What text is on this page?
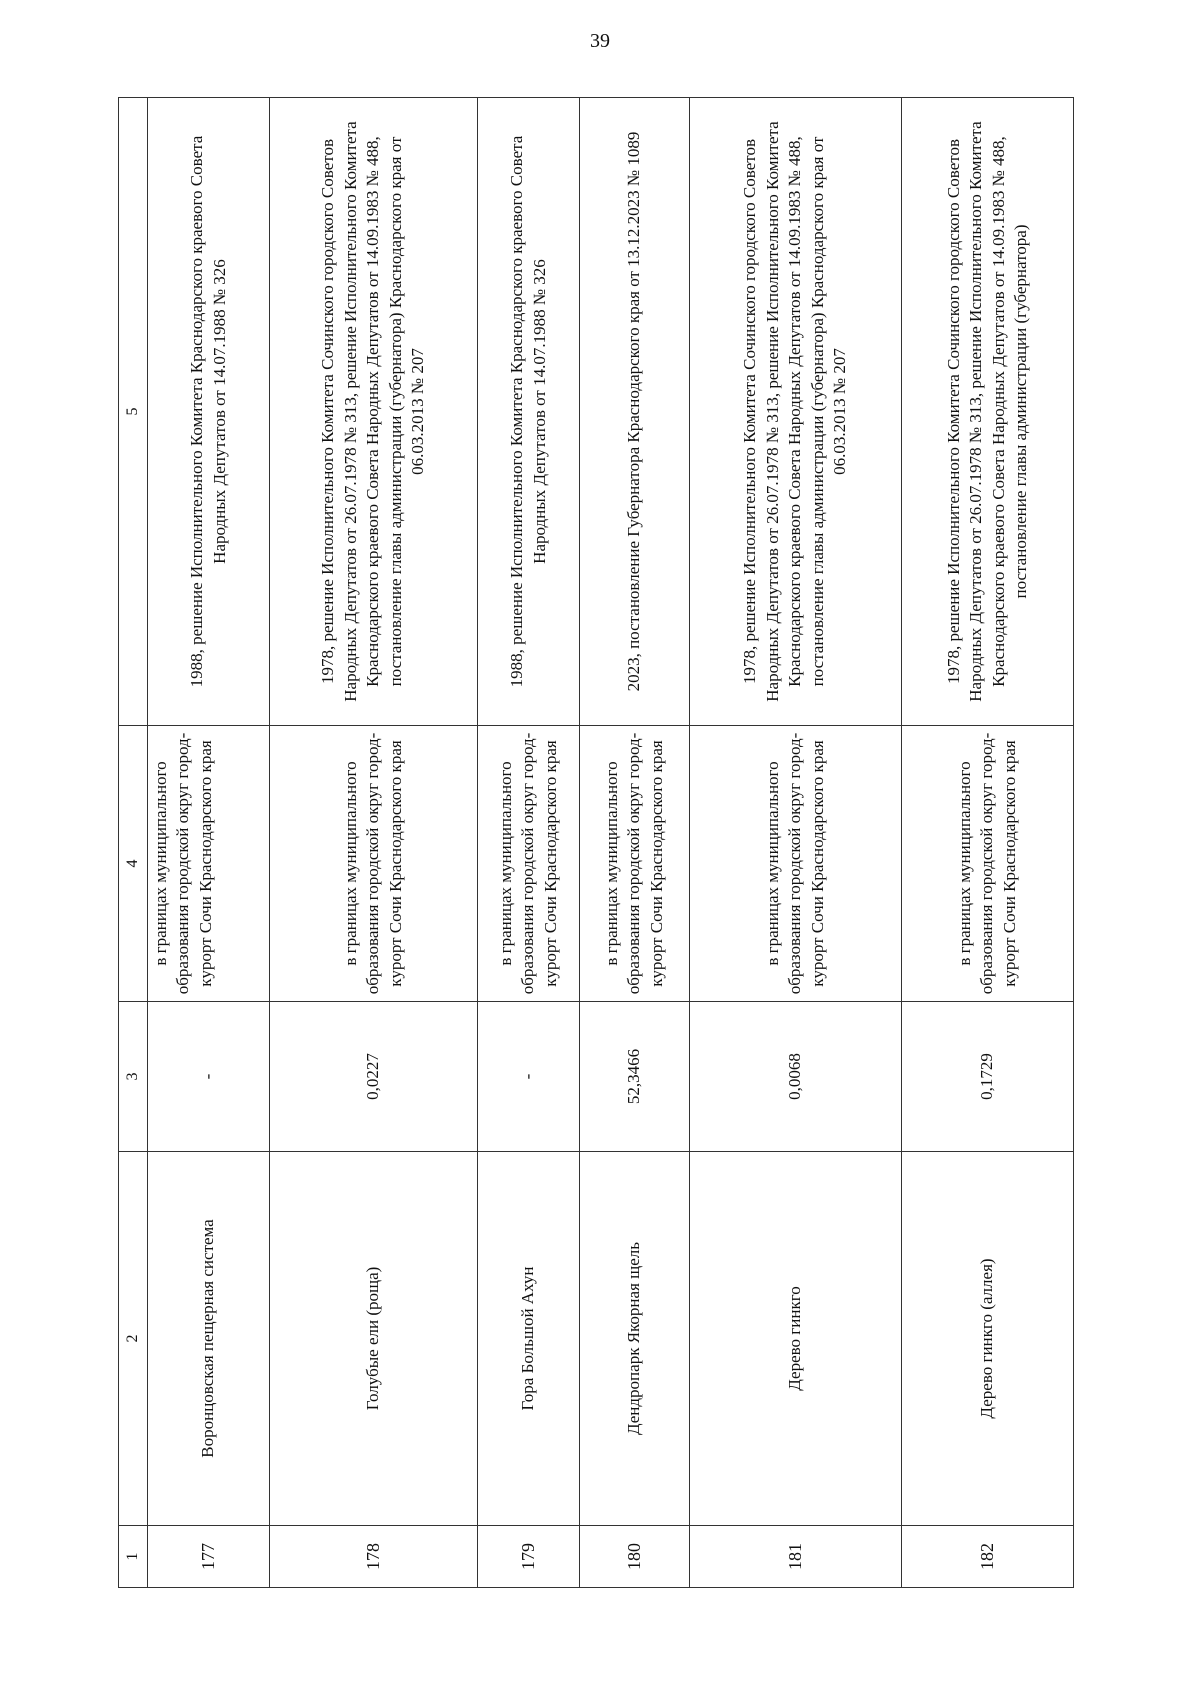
39
1	2	3	4	5
177	Воронцовская пещерная система	-	в границах муниципального образования городской округ город-курорт Сочи Краснодарского края	1988, решение Исполнительного Комитета Краснодарского краевого Совета Народных Депутатов от 14.07.1988 № 326
178	Голубые ели (роща)	0,0227	в границах муниципального образования городской округ город-курорт Сочи Краснодарского края	1978, решение Исполнительного Комитета Сочинского городского Советов Народных Депутатов от 26.07.1978 № 313, решение Исполнительного Комитета Краснодарского краевого Совета Народных Депутатов от 14.09.1983 № 488, постановление главы администрации (губернатора) Краснодарского края от 06.03.2013 № 207
179	Гора Большой Ахун	-	в границах муниципального образования городской округ город-курорт Сочи Краснодарского края	1988, решение Исполнительного Комитета Краснодарского краевого Совета Народных Депутатов от 14.07.1988 № 326
180	Дендропарк Якорная щель	52,3466	в границах муниципального образования городской округ город-курорт Сочи Краснодарского края	2023, постановление Губернатора Краснодарского края от 13.12.2023 № 1089
181	Дерево гинкго	0,0068	в границах муниципального образования городской округ город-курорт Сочи Краснодарского края	1978, решение Исполнительного Комитета Сочинского городского Советов Народных Депутатов от 26.07.1978 № 313, решение Исполнительного Комитета Краснодарского краевого Совета Народных Депутатов от 14.09.1983 № 488, постановление главы администрации (губернатора) Краснодарского края от 06.03.2013 № 207
182	Дерево гинкго (аллея)	0,1729	в границах муниципального образования городской округ город-курорт Сочи Краснодарского края	1978, решение Исполнительного Комитета Сочинского городского Советов Народных Депутатов от 26.07.1978 № 313, решение Исполнительного Комитета Краснодарского краевого Совета Народных Депутатов от 14.09.1983 № 488, постановление главы администрации (губернатора)
